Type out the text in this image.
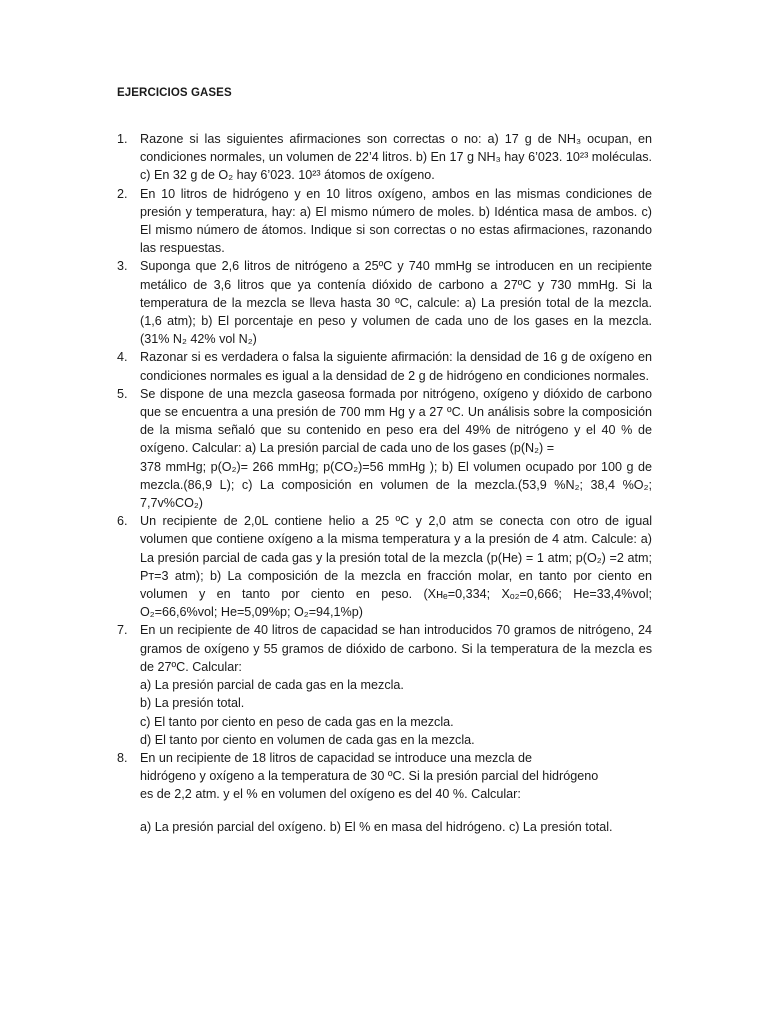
EJERCICIOS GASES
1. Razone si las siguientes afirmaciones son correctas o no: a) 17 g de NH₃ ocupan, en condiciones normales, un volumen de 22’4 litros. b) En 17 g NH₃ hay 6’023. 10²³ moléculas. c) En 32 g de O₂ hay 6’023. 10²³ átomos de oxígeno.
2. En 10 litros de hidrógeno y en 10 litros oxígeno, ambos en las mismas condiciones de presión y temperatura, hay: a) El mismo número de moles. b) Idéntica masa de ambos. c) El mismo número de átomos. Indique si son correctas o no estas afirmaciones, razonando las respuestas.
3. Suponga que 2,6 litros de nitrógeno a 25ºC y 740 mmHg se introducen en un recipiente metálico de 3,6 litros que ya contenía dióxido de carbono a 27ºC y 730 mmHg. Si la temperatura de la mezcla se lleva hasta 30 ºC, calcule: a) La presión total de la mezcla. (1,6 atm); b) El porcentaje en peso y volumen de cada uno de los gases en la mezcla. (31% N₂ 42% vol N₂)
4. Razonar si es verdadera o falsa la siguiente afirmación: la densidad de 16 g de oxígeno en condiciones normales es igual a la densidad de 2 g de hidrógeno en condiciones normales.
5. Se dispone de una mezcla gaseosa formada por nitrógeno, oxígeno y dióxido de carbono que se encuentra a una presión de 700 mm Hg y a 27 ºC. Un análisis sobre la composición de la misma señaló que su contenido en peso era del 49% de nitrógeno y el 40 % de oxígeno. Calcular: a) La presión parcial de cada uno de los gases (p(N₂) =
378 mmHg; p(O₂)= 266 mmHg; p(CO₂)=56 mmHg ); b) El volumen ocupado por 100 g de mezcla.(86,9 L); c) La composición en volumen de la mezcla.(53,9 %N₂; 38,4 %O₂; 7,7v%CO₂)
6. Un recipiente de 2,0L contiene helio a 25 ºC y 2,0 atm se conecta con otro de igual volumen que contiene oxígeno a la misma temperatura y a la presión de 4 atm. Calcule: a) La presión parcial de cada gas y la presión total de la mezcla (p(He) = 1 atm; p(O₂) =2 atm; Pᴛ=3 atm); b) La composición de la mezcla en fracción molar, en tanto por ciento en volumen y en tanto por ciento en peso. (Xʜₑ=0,334; Xₒ₂=0,666; He=33,4%vol; O₂=66,6%vol; He=5,09%p; O₂=94,1%p)
7. En un recipiente de 40 litros de capacidad se han introducidos 70 gramos de nitrógeno, 24 gramos de oxígeno y 55 gramos de dióxido de carbono. Si la temperatura de la mezcla es de 27ºC. Calcular:
a) La presión parcial de cada gas en la mezcla.
b) La presión total.
c) El tanto por ciento en peso de cada gas en la mezcla.
d) El tanto por ciento en volumen de cada gas en la mezcla.
8. En un recipiente de 18 litros de capacidad se introduce una mezcla de
hidrógeno y oxígeno a la temperatura de 30 ºC. Si la presión parcial del hidrógeno
es de 2,2 atm. y el % en volumen del oxígeno es del 40 %. Calcular:
a) La presión parcial del oxígeno. b) El % en masa del hidrógeno. c) La presión total.
